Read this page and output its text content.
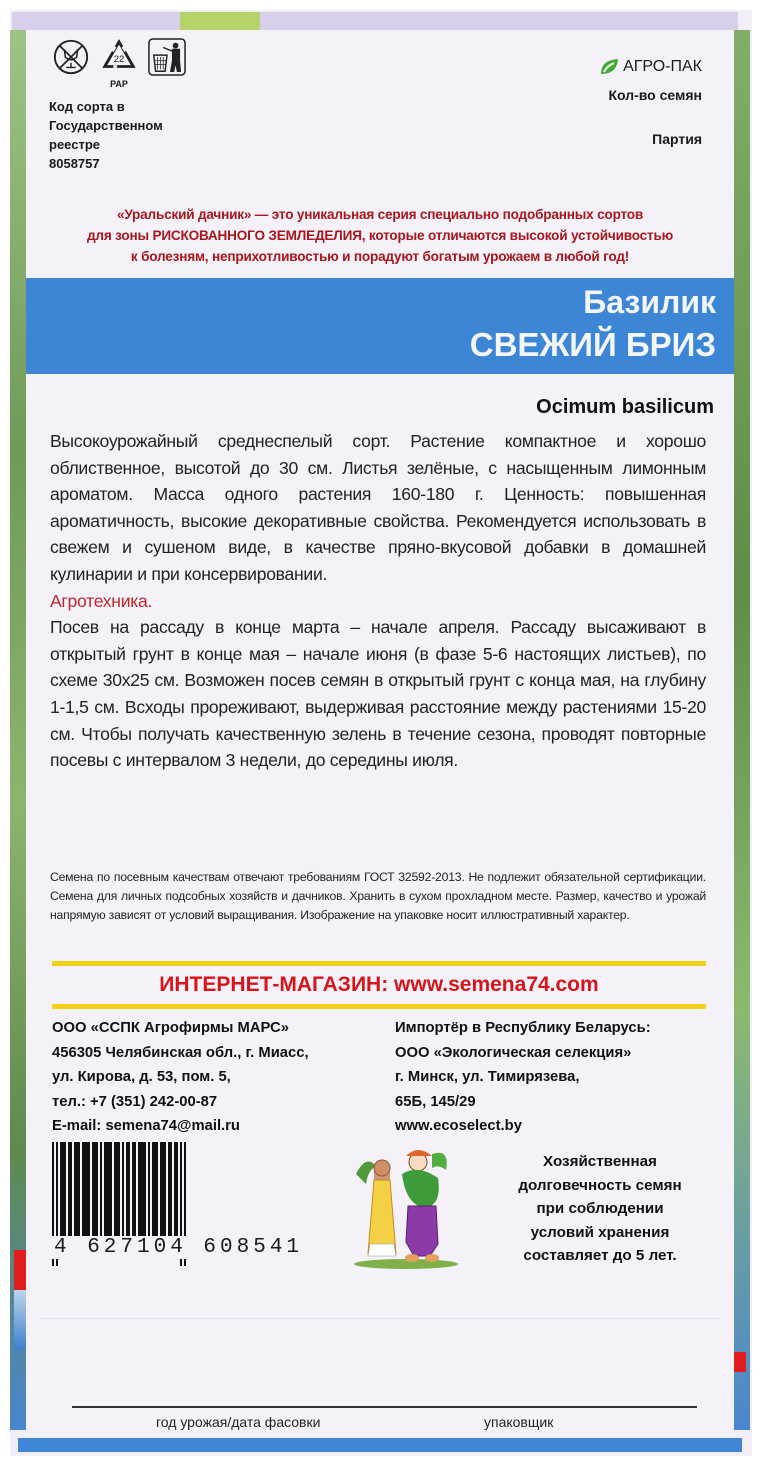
22
PAP
Код сорта в
Государственном
реестре
8058757
АГРО-ПАК
Кол-во семян
Партия
«Уральский дачник» — это уникальная серия специально подобранных сортов
для зоны РИСКОВАННОГО ЗЕМЛЕДЕЛИЯ, которые отличаются высокой устойчивостью
к болезням, неприхотливостью и порадуют богатым урожаем в любой год!
Базилик
СВЕЖИЙ БРИЗ
Ocimum basilicum
Высокоурожайный среднеспелый сорт. Растение компактное и хорошо облиственное, высотой до 30 см. Листья зелёные, с насыщенным лимонным ароматом. Масса одного растения 160-180 г. Ценность: повышенная ароматичность, высокие декоративные свойства. Рекомендуется использовать в свежем и сушеном виде, в качестве пряно-вкусовой добавки в домашней кулинарии и при консервировании.
Агротехника.
Посев на рассаду в конце марта – начале апреля. Рассаду высаживают в открытый грунт в конце мая – начале июня (в фазе 5-6 настоящих листьев), по схеме 30х25 см. Возможен посев семян в открытый грунт с конца мая, на глубину 1-1,5 см. Всходы прореживают, выдерживая расстояние между растениями 15-20 см. Чтобы получать качественную зелень в течение сезона, проводят повторные посевы с интервалом 3 недели, до середины июля.
Семена по посевным качествам отвечают требованиям ГОСТ 32592-2013. Не подлежит обязательной сертификации. Семена для личных подсобных хозяйств и дачников. Хранить в сухом прохладном месте. Размер, качество и урожай напрямую зависят от условий выращивания. Изображение на упаковке носит иллюстративный характер.
ИНТЕРНЕТ-МАГАЗИН: www.semena74.com
ООО «ССПК Агрофирмы МАРС»
456305 Челябинская обл., г. Миасс,
ул. Кирова, д. 53, пом. 5,
тел.: +7 (351) 242-00-87
E-mail: semena74@mail.ru
Импортёр в Республику Беларусь:
ООО «Экологическая селекция»
г. Минск, ул. Тимирязева,
65Б, 145/29
www.ecoselect.by
4 627104 608541
Хозяйственная
долговечность семян
при соблюдении
условий хранения
составляет до 5 лет.
год урожая/дата фасовки	упаковщик
